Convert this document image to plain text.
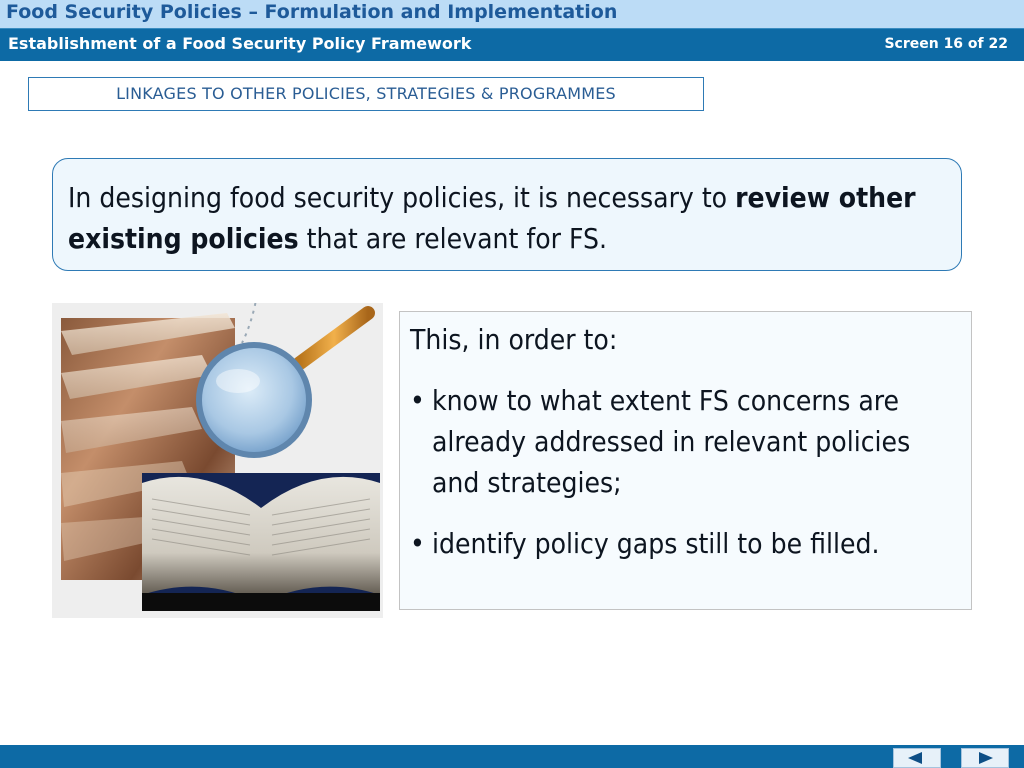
Food Security Policies – Formulation and Implementation
Establishment of a Food Security Policy Framework	Screen 16 of 22
LINKAGES TO OTHER POLICIES, STRATEGIES & PROGRAMMES
In designing food security policies, it is necessary to review other existing policies that are relevant for FS.
This, in order to:
• know to what extent FS concerns are already addressed in relevant policies and strategies;
• identify policy gaps still to be filled.
